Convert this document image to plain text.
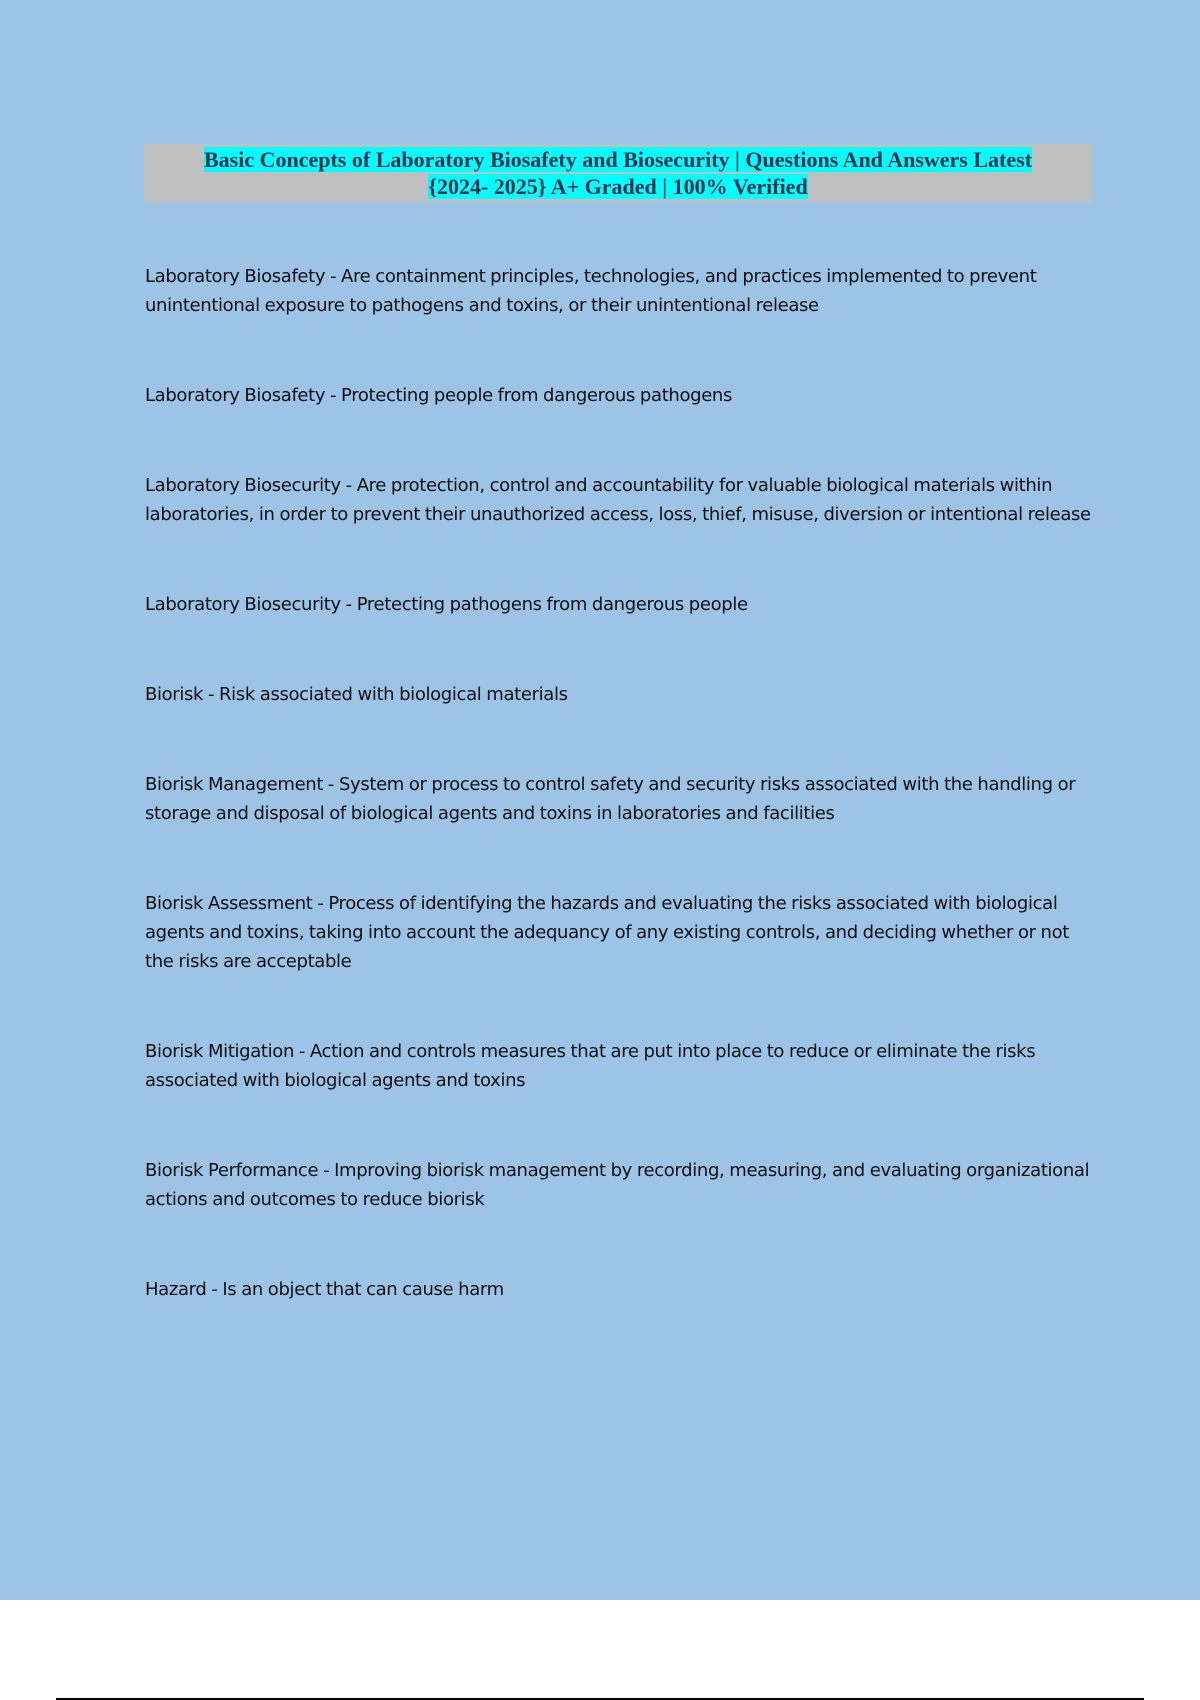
Basic Concepts of Laboratory Biosafety and Biosecurity | Questions And Answers Latest
{2024- 2025} A+ Graded | 100% Verified

Laboratory Biosafety - Are containment principles, technologies, and practices implemented to prevent unintentional exposure to pathogens and toxins, or their unintentional release

Laboratory Biosafety - Protecting people from dangerous pathogens

Laboratory Biosecurity - Are protection, control and accountability for valuable biological materials within laboratories, in order to prevent their unauthorized access, loss, thief, misuse, diversion or intentional release

Laboratory Biosecurity - Pretecting pathogens from dangerous people

Biorisk - Risk associated with biological materials

Biorisk Management - System or process to control safety and security risks associated with the handling or storage and disposal of biological agents and toxins in laboratories and facilities

Biorisk Assessment - Process of identifying the hazards and evaluating the risks associated with biological agents and toxins, taking into account the adequancy of any existing controls, and deciding whether or not the risks are acceptable

Biorisk Mitigation - Action and controls measures that are put into place to reduce or eliminate the risks associated with biological agents and toxins

Biorisk Performance - Improving biorisk management by recording, measuring, and evaluating organizational actions and outcomes to reduce biorisk

Hazard - Is an object that can cause harm
